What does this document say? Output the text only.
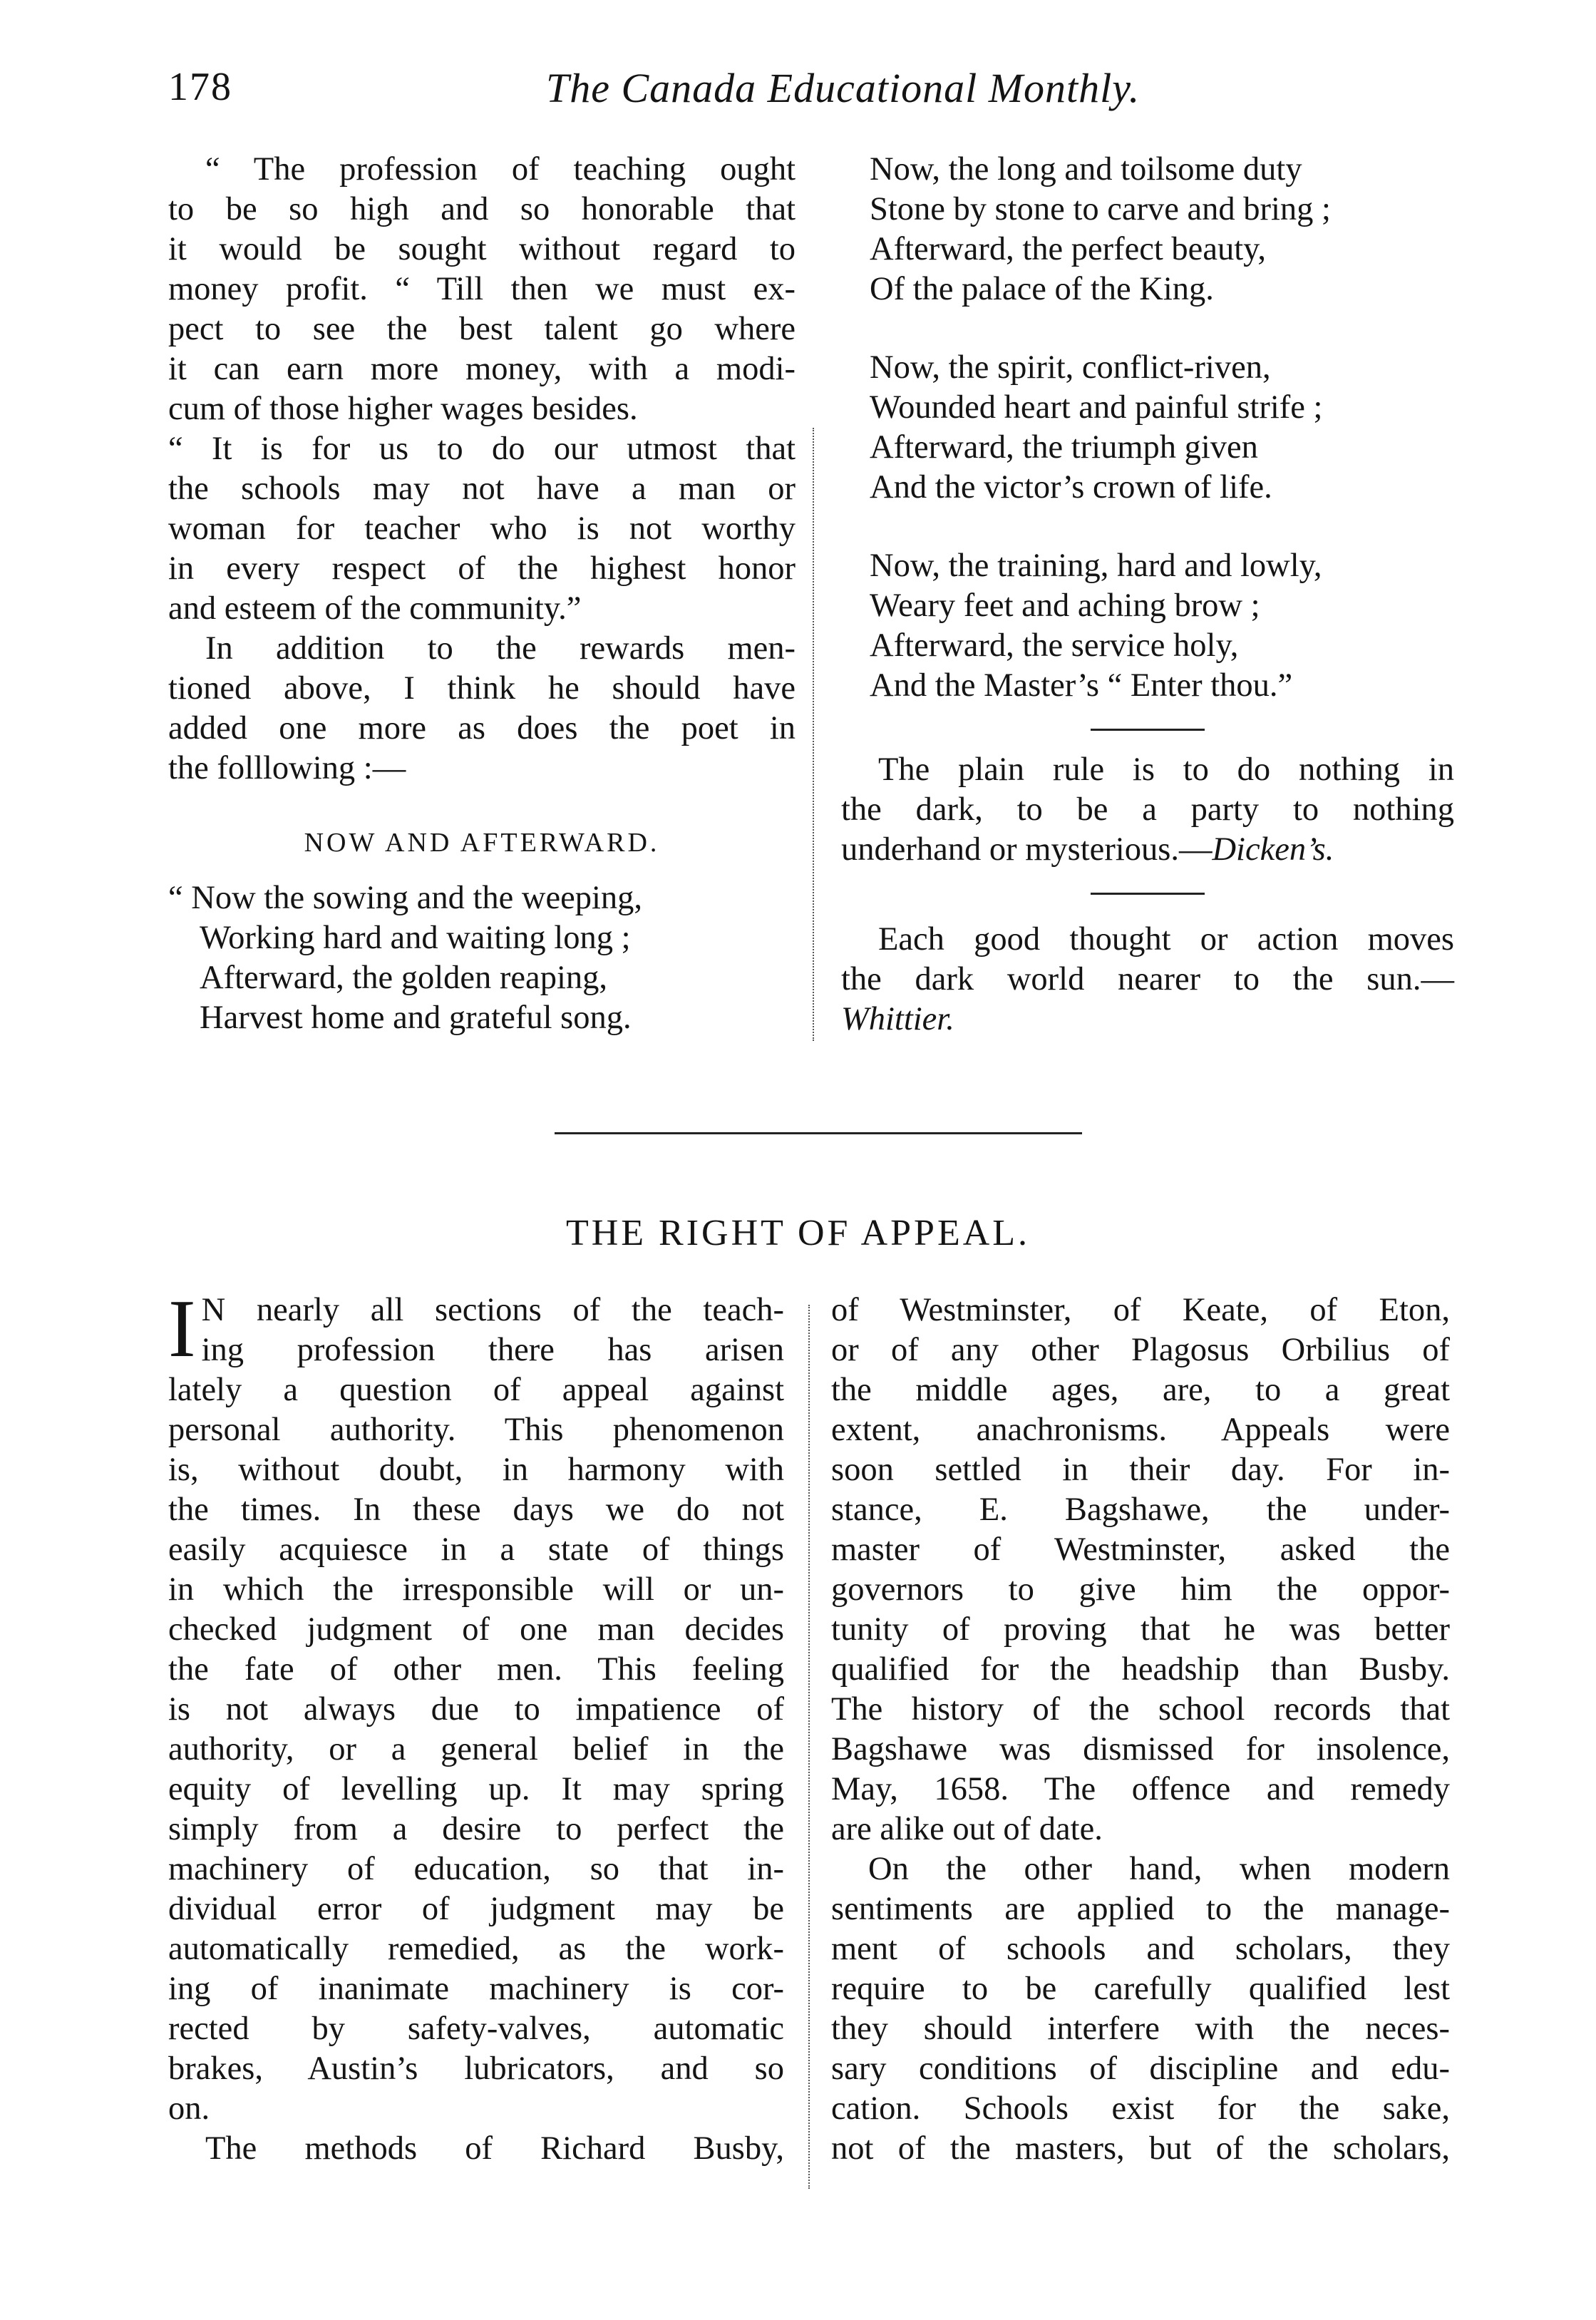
178	The Canada Educational Monthly.

“ The profession of teaching ought

to be so high and so honorable that

it would be sought without regard to

money profit. “ Till then we must ex-

pect to see the best talent go where

it can earn more money, with a modi-

cum of those higher wages besides.

“ It is for us to do our utmost that

the schools may not have a man or

woman for teacher who is not worthy

in every respect of the highest honor

and esteem of the community.”

In addition to the rewards men-

tioned above, I think he should have

added one more as does the poet in

the folllowing :—

NOW AND AFTERWARD.

“ Now the sowing and the weeping,

Working hard and waiting long ;

Afterward, the golden reaping,

Harvest home and grateful song.

Now, the long and toilsome duty

Stone by stone to carve and bring ;

Afterward, the perfect beauty,

Of the palace of the King.

Now, the spirit, conflict-riven,

Wounded heart and painful strife ;

Afterward, the triumph given

And the victor’s crown of life.

Now, the training, hard and lowly,

Weary feet and aching brow ;

Afterward, the service holy,

And the Master’s “ Enter thou.”

The plain rule is to do nothing in

the dark, to be a party to nothing

underhand or mysterious.—Dicken’s.

Each good thought or action moves

the dark world nearer to the sun.—

Whittier.

THE RIGHT OF APPEAL.
I N nearly all sections of the teach-

ing profession there has arisen

lately a question of appeal against

personal authority. This phenomenon

is, without doubt, in harmony with

the times. In these days we do not

easily acquiesce in a state of things

in which the irresponsible will or un-

checked judgment of one man decides

the fate of other men. This feeling

is not always due to impatience of

authority, or a general belief in the

equity of levelling up. It may spring

simply from a desire to perfect the

machinery of education, so that in-

dividual error of judgment may be

automatically remedied, as the work-

ing of inanimate machinery is cor-

rected by safety-valves, automatic

brakes, Austin’s lubricators, and so

on.

The methods of Richard Busby,

of Westminster, of Keate, of Eton,

or of any other Plagosus Orbilius of

the middle ages, are, to a great

extent, anachronisms. Appeals were

soon settled in their day. For in-

stance, E. Bagshawe, the under-

master of Westminster, asked the

governors to give him the oppor-

tunity of proving that he was better

qualified for the headship than Busby.

The history of the school records that

Bagshawe was dismissed for insolence,

May, 1658. The offence and remedy

are alike out of date.

On the other hand, when modern

sentiments are applied to the manage-

ment of schools and scholars, they

require to be carefully qualified lest

they should interfere with the neces-

sary conditions of discipline and edu-

cation. Schools exist for the sake,

not of the masters, but of the scholars,
